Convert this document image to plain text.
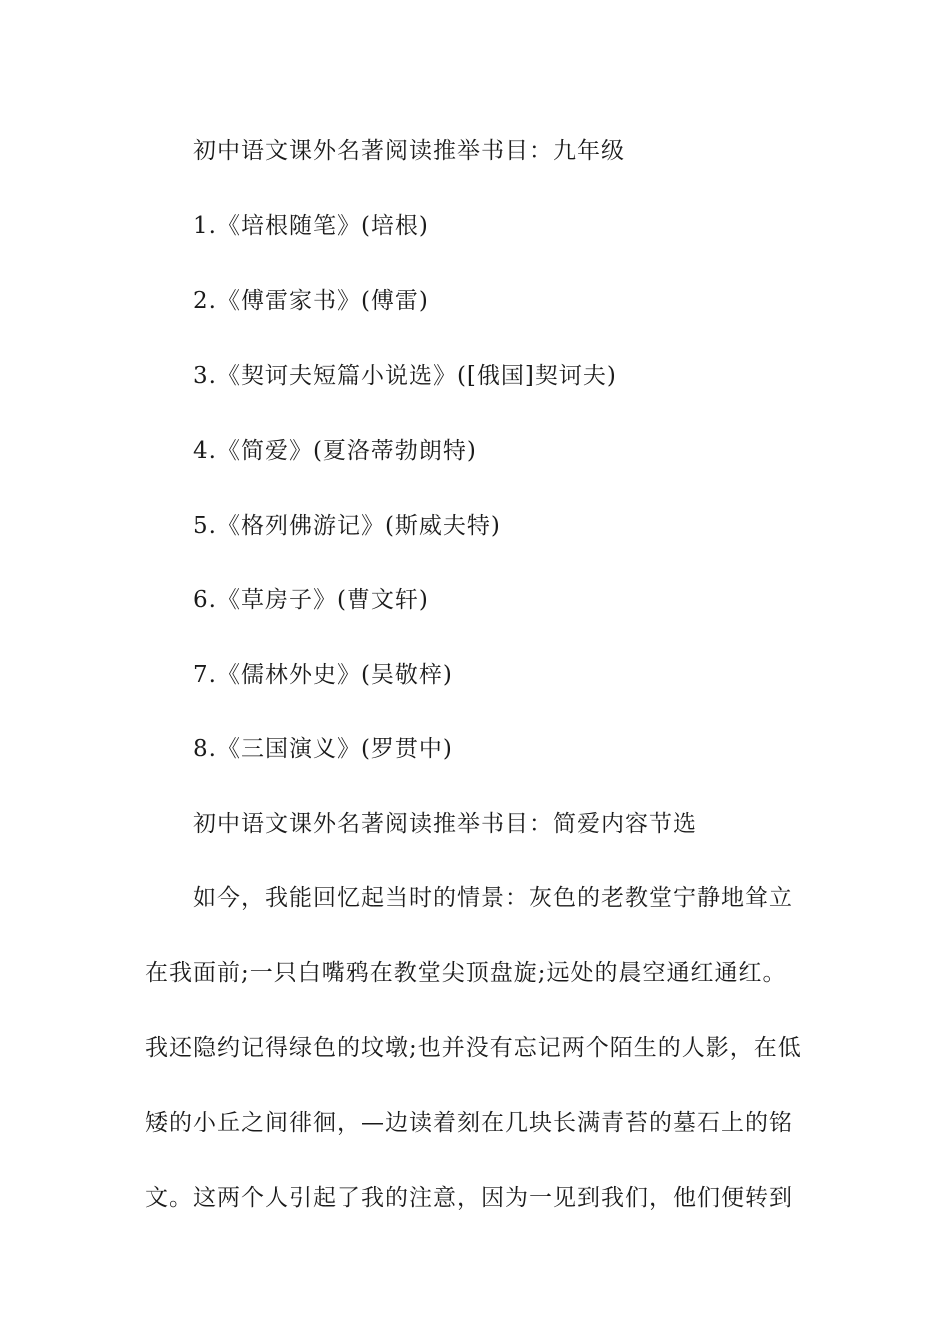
初中语文课外名著阅读推举书目：九年级
1.《培根随笔》(培根)
2.《傅雷家书》(傅雷)
3.《契诃夫短篇小说选》([俄国]契诃夫)
4.《简爱》(夏洛蒂勃朗特)
5.《格列佛游记》(斯威夫特)
6.《草房子》(曹文轩)
7.《儒林外史》(吴敬梓)
8.《三国演义》(罗贯中)
初中语文课外名著阅读推举书目：简爱内容节选
如今，我能回忆起当时的情景：灰色的老教堂宁静地耸立
在我面前;一只白嘴鸦在教堂尖顶盘旋;远处的晨空通红通红。
我还隐约记得绿色的坟墩;也并没有忘记两个陌生的人影，在低
矮的小丘之间徘徊，—边读着刻在几块长满青苔的墓石上的铭
文。这两个人引起了我的注意，因为一见到我们，他们便转到
